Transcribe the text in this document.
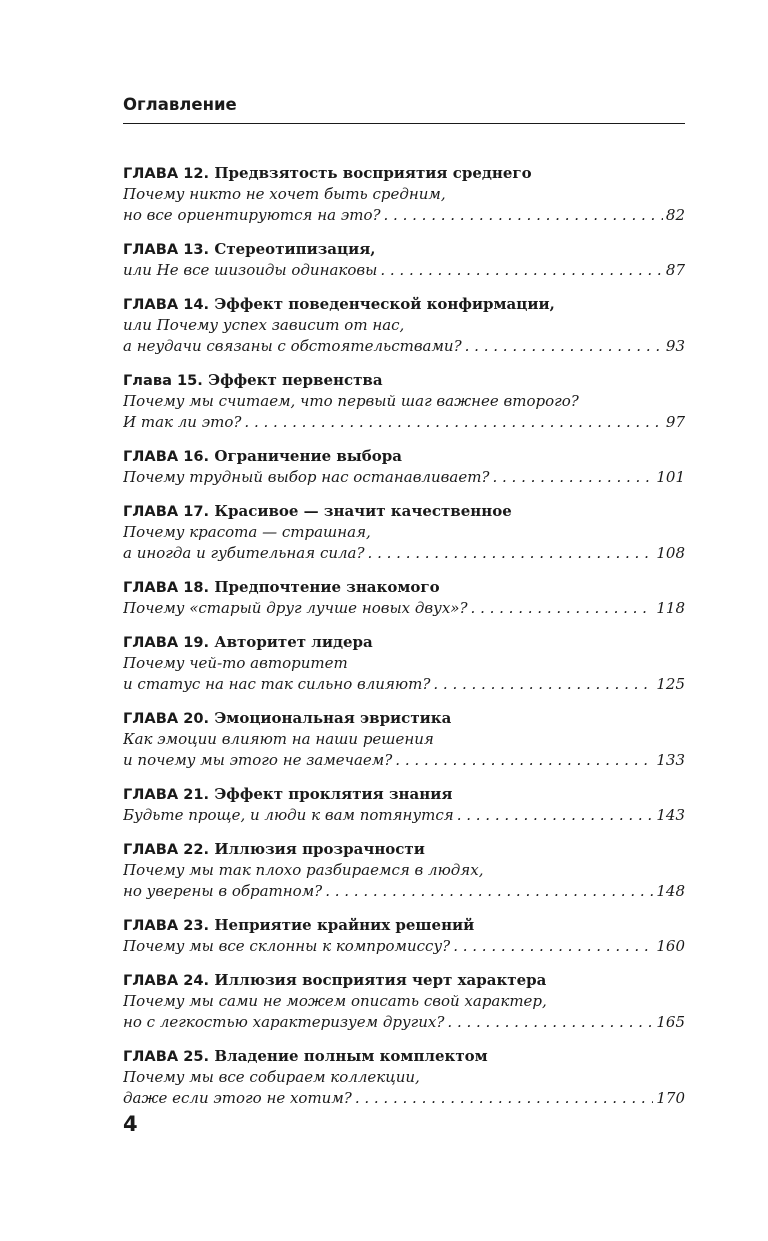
Оглавление
ГЛАВА 12. Предвзятость восприятия среднего
Почему никто не хочет быть средним,
но все ориентируются на это? . . .	82
ГЛАВА 13. Стереотипизация,
или Не все шизоиды одинаковы . . .	87
ГЛАВА 14. Эффект поведенческой конфирмации,
или Почему успех зависит от нас,
а неудачи связаны с обстоятельствами? . . .	93
Глава 15. Эффект первенства
Почему мы считаем, что первый шаг важнее второго?
И так ли это? . . .	97
ГЛАВА 16. Ограничение выбора
Почему трудный выбор нас останавливает? . . .	101
ГЛАВА 17. Красивое — значит качественное
Почему красота — страшная,
а иногда и губительная сила? . . .	108
ГЛАВА 18. Предпочтение знакомого
Почему «старый друг лучше новых двух»? . . .	118
ГЛАВА 19. Авторитет лидера
Почему чей-то авторитет
и статус на нас так сильно влияют? . . .	125
ГЛАВА 20. Эмоциональная эвристика
Как эмоции влияют на наши решения
и почему мы этого не замечаем? . . .	133
ГЛАВА 21. Эффект проклятия знания
Будьте проще, и люди к вам потянутся . . .	143
ГЛАВА 22. Иллюзия прозрачности
Почему мы так плохо разбираемся в людях,
но уверены в обратном? . . .	148
ГЛАВА 23. Неприятие крайних решений
Почему мы все склонны к компромиссу? . . .	160
ГЛАВА 24. Иллюзия восприятия черт характера
Почему мы сами не можем описать свой характер,
но с легкостью характеризуем других? . . .	165
ГЛАВА 25. Владение полным комплектом
Почему мы все собираем коллекции,
даже если этого не хотим? . . .	170
4
